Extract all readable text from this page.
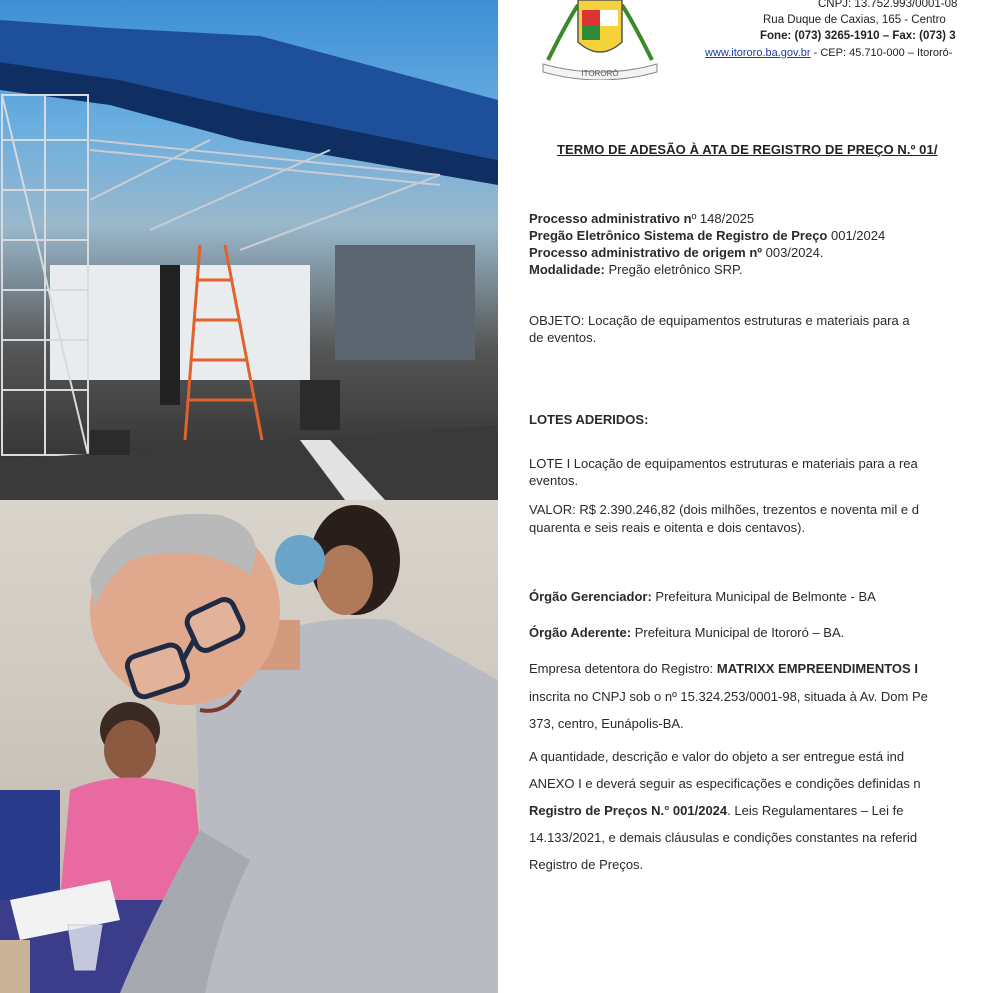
ITORORÓ
CNPJ: 13.752.993/0001-08
Rua Duque de Caxias, 165 - Centro
Fone: (073) 3265-1910 – Fax: (073) 3
www.itororo.ba.gov.br - CEP: 45.710-000 – Itororó-
TERMO DE ADESÃO À ATA DE REGISTRO DE PREÇO N.º 01/
Processo administrativo nº 148/2025
Pregão Eletrônico Sistema de Registro de Preço 001/2024
Processo administrativo de origem nº 003/2024.
Modalidade: Pregão eletrônico SRP.
OBJETO: Locação de equipamentos estruturas e materiais para a
de eventos.
LOTES ADERIDOS:
LOTE I Locação de equipamentos estruturas e materiais para a rea
eventos.
VALOR: R$ 2.390.246,82 (dois milhões, trezentos e noventa mil e d
quarenta e seis reais e oitenta e dois centavos).
Órgão Gerenciador: Prefeitura Municipal de Belmonte - BA
Órgão Aderente: Prefeitura Municipal de Itororó – BA.
Empresa detentora do Registro: MATRIXX EMPREENDIMENTOS I
inscrita no CNPJ sob o nº 15.324.253/0001-98, situada à Av. Dom Pe
373, centro, Eunápolis-BA.
A quantidade, descrição e valor do objeto a ser entregue está ind
ANEXO I e deverá seguir as especificações e condições definidas n
Registro de Preços N.° 001/2024. Leis Regulamentares – Lei fe
14.133/2021, e demais cláusulas e condições constantes na referid
Registro de Preços.
